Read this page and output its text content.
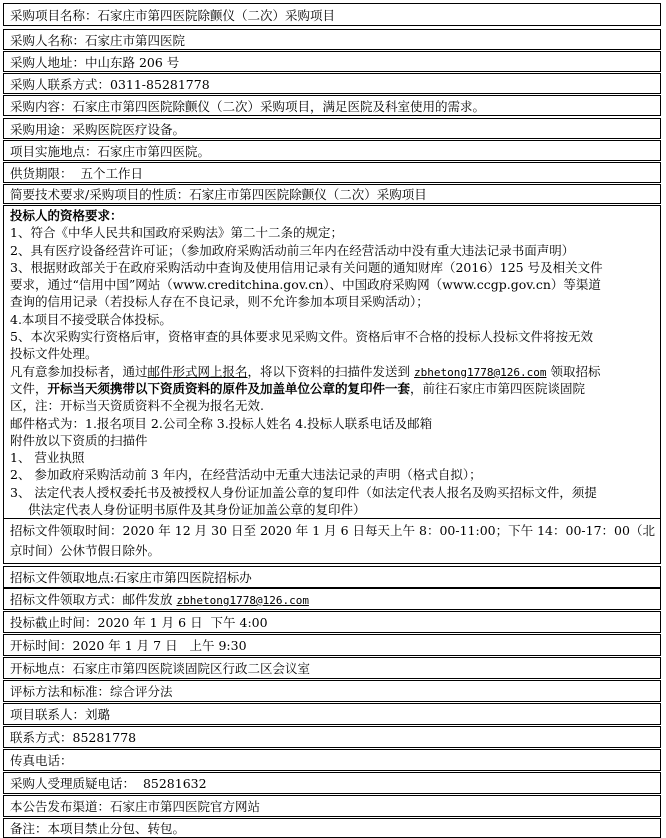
采购项目名称：石家庄市第四医院除颤仪（二次）采购项目
采购人名称：石家庄市第四医院
采购人地址：中山东路 206 号
采购人联系方式：0311-85281778
采购内容：石家庄市第四医院除颤仪（二次）采购项目，满足医院及科室使用的需求。
采购用途：采购医院医疗设备。
项目实施地点：石家庄市第四医院。
供货期限：  五个工作日
简要技术要求/采购项目的性质：石家庄市第四医院除颤仪（二次）采购项目
投标人的资格要求：
1、符合《中华人民共和国政府采购法》第二十二条的规定；
2、具有医疗设备经营许可证；（参加政府采购活动前三年内在经营活动中没有重大违法记录书面声明）
3、根据财政部关于在政府采购活动中查询及使用信用记录有关问题的通知财库（2016）125 号及相关文件
要求，通过“信用中国”网站（www.creditchina.gov.cn）、中国政府采购网（www.ccgp.gov.cn）等渠道
查询的信用记录（若投标人存在不良记录，则不允许参加本项目采购活动）；
4.本项目不接受联合体投标。
5、本次采购实行资格后审，资格审查的具体要求见采购文件。资格后审不合格的投标人投标文件将按无效
投标文件处理。
凡有意参加投标者，通过邮件形式网上报名，将以下资料的扫描件发送到 zbhetong1778@126.com 领取招标
文件，开标当天须携带以下资质资料的原件及加盖单位公章的复印件一套，前往石家庄市第四医院谈固院
区，注：开标当天资质资料不全视为报名无效.
邮件格式为：1.报名项目 2.公司全称 3.投标人姓名 4.投标人联系电话及邮箱
附件放以下资质的扫描件
1、 营业执照
2、 参加政府采购活动前 3 年内，在经营活动中无重大违法记录的声明（格式自拟）；
3、 法定代表人授权委托书及被授权人身份证加盖公章的复印件（如法定代表人报名及购买招标文件，须提
供法定代表人身份证明书原件及其身份证加盖公章的复印件）
招标文件领取时间：2020 年 12 月 30 日至 2020 年 1 月 6 日每天上午 8：00-11:00；下午 14：00-17：00（北
京时间）公休节假日除外。
招标文件领取地点:石家庄市第四医院招标办
招标文件领取方式：邮件发放 zbhetong1778@126.com
投标截止时间：2020 年 1 月 6 日  下午 4:00
开标时间：2020 年 1 月 7 日   上午 9:30
开标地点：石家庄市第四医院谈固院区行政二区会议室
评标方法和标准：综合评分法
项目联系人：刘璐
联系方式：85281778
传真电话：
采购人受理质疑电话：  85281632
本公告发布渠道：石家庄市第四医院官方网站
备注：本项目禁止分包、转包。
